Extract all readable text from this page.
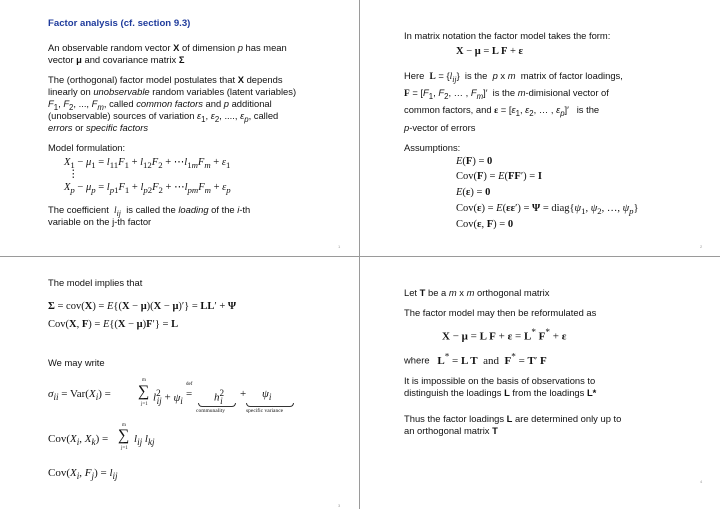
Factor analysis (cf. section 9.3)
An observable random vector X of dimension p has mean
vector μ and covariance matrix Σ
The (orthogonal) factor model postulates that X depends
linearly on unobservable random variables (latent variables)
$F_1$, $F_2$, ..., $F_m$, called common factors and p additional
(unobservable) sources of variation $\varepsilon_1$, $\varepsilon_2$, ...., $\varepsilon_p$, called
errors or specific factors
Model formulation:
$X_1 - \mu_1 = l_{11}F_1 + l_{12}F_2$ + $\cdots l_{1m}F_m + \varepsilon_1$
⋮
$X_p - \mu_p = l_{p1}F_1 + l_{p2}F_2$ + $\cdots l_{pm}F_m + \varepsilon_p$
The coefficient  $l_{ij}$  is called the loading of the i-th
variable on the j-th factor
1
In matrix notation the factor model takes the form:
X − μ = L F + ε
Here  $L = \{l_{ij}\}$  is the  p x m  matrix of factor loadings,
$F = [F_1$, $F_2$, … , $F_m]'$  is the m-dimisional vector of
common factors, and $\varepsilon = [\varepsilon_1$, $\varepsilon_2$, … , $\varepsilon_p]'$   is the
p-vector of errors
Assumptions:
E(F) = 0
Cov(F) = E(FF′) = I
E(ε) = 0
$Cov(\varepsilon) = E(\varepsilon\varepsilon') = \Psi = diag\{\psi_1$, $\psi_2$, …, $\psi_p$}
Cov(ε, F) = 0
2
The model implies that
Σ = cov(X) = E{(X − μ)(X − μ)′} = LL′ + Ψ
Cov(X, F) = E{(X − μ)F′} = L
We may write
$\sigma_{ii} = Var(X_i)$ =
m
∑
j=1
$l^2_{ij} + \psi_i$
def
= $h^2_i$
+ $\psi_i$
communality	specific variance
$Cov(X_i$, $X_k$) =
m
∑
j=1
$l_{ij}$ $l_{kj}$
$Cov(X_i$, $F_j) = l_{ij}$
3
Let T be a m x m orthogonal matrix
The factor model may then be reformulated as
X − μ = L F + ε = L* F* + ε
where   L* = L T  and  F* = T′ F
It is impossible on the basis of observations to
distinguish the loadings L from the loadings L*
Thus the factor loadings L are determined only up to
an orthogonal matrix T
4
